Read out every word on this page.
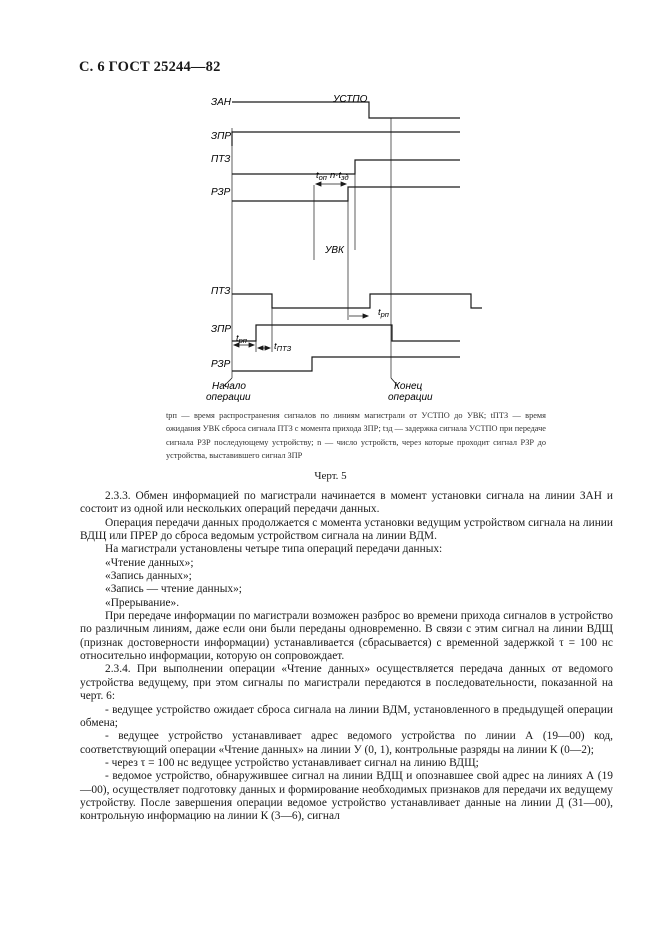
С. 6 ГОСТ 25244—82
ЗАН
ЗПР
ПТЗ
РЗР
ПТЗ
ЗПР
РЗР
УСТПО
УВК
$t_{оп}$ $n\cdot t_{зд}$
$t_{рп}$
$t_{рп}$
$t_{ПТЗ}$
Начало
операции
Конец
операции
tрп — время распространения сигналов по линиям магистрали от УСТПО до УВК; tПТЗ — время ожидания УВК сброса сигнала ПТЗ с момента прихода ЗПР; tзд — задержка сигнала УСТПО при передаче сигнала РЗР последующему устройству; n — число устройств, через которые проходит сигнал РЗР до устройства, выставившего сигнал ЗПР
Черт. 5

2.3.3. Обмен информацией по магистрали начинается в момент установки сигнала на линии ЗАН и состоит из одной или нескольких операций передачи данных.

Операция передачи данных продолжается с момента установки ведущим устройством сигнала на линии ВДЩ или ПРЕР до сброса ведомым устройством сигнала на линии ВДМ.

На магистрали установлены четыре типа операций передачи данных:

«Чтение данных»;

«Запись данных»;

«Запись — чтение данных»;

«Прерывание».

При передаче информации по магистрали возможен разброс во времени прихода сигналов в устройство по различным линиям, даже если они были переданы одновременно. В связи с этим сигнал на линии ВДЩ (признак достоверности информации) устанавливается (сбрасывается) с временной задержкой τ = 100 нс относительно информации, которую он сопровождает.

2.3.4. При выполнении операции «Чтение данных» осуществляется передача данных от ведомого устройства ведущему, при этом сигналы по магистрали передаются в последовательности, показанной на черт. 6:

- ведущее устройство ожидает сброса сигнала на линии ВДМ, установленного в предыдущей операции обмена;

- ведущее устройство устанавливает адрес ведомого устройства по линии А (19—00) код, соответствующий операции «Чтение данных» на линии У (0, 1), контрольные разряды на линии К (0—2);

- через τ = 100 нс ведущее устройство устанавливает сигнал на линию ВДЩ;

- ведомое устройство, обнаружившее сигнал на линии ВДЩ и опознавшее свой адрес на линиях А (19—00), осуществляет подготовку данных и формирование необходимых признаков для передачи их ведущему устройству. После завершения операции ведомое устройство устанавливает данные на линии Д (31—00), контрольную информацию на линии К (3—6), сигнал
